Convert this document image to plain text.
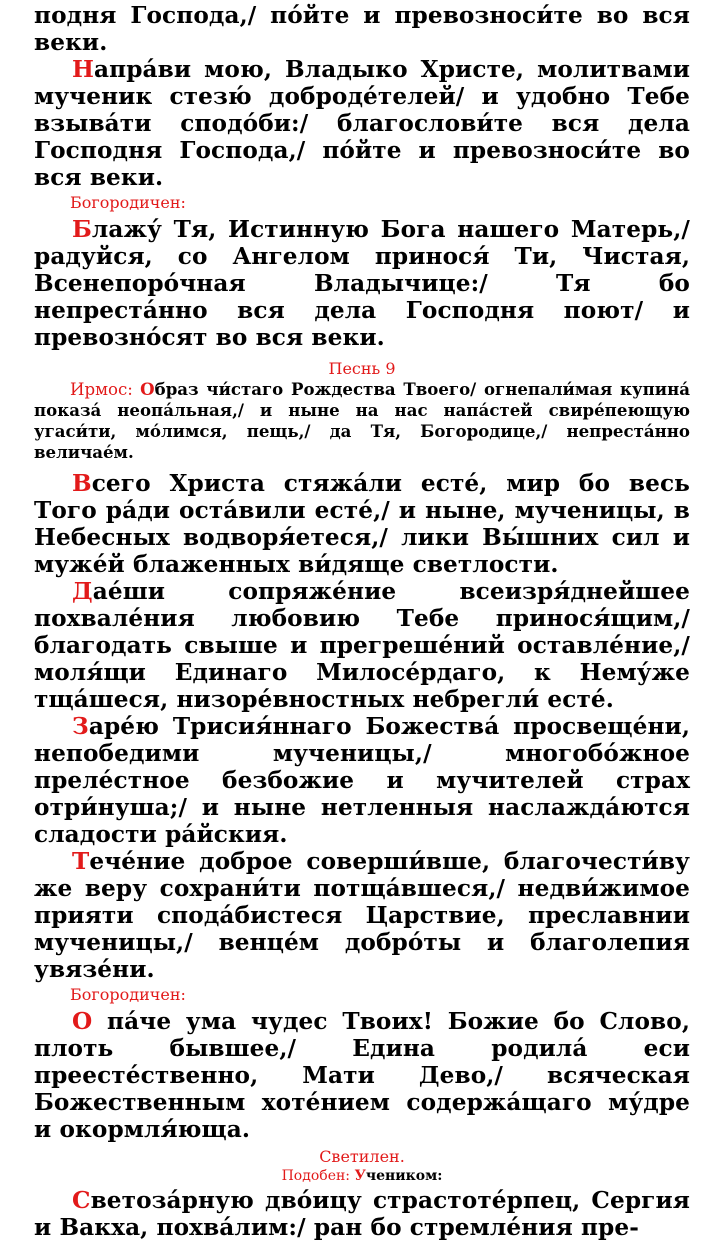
подня Господа,/ по́йте и превозноси́те во вся веки.

Напра́ви мою, Владыко Христе, молитвами мученик стезю́ доброде́телей/ и удобно Тебе взыва́ти сподо́би:/ благослови́те вся дела Господня Господа,/ по́йте и превозноси́те во вся веки.

Богородичен:

Блажу́ Тя, Истинную Бога нашего Матерь,/ радуйся, со Ангелом принося́ Ти, Чистая, Всенепоро́чная Владычице:/ Тя бо непреста́нно вся дела Господня поют/ и превозно́сят во вся веки.

Песнь 9

Ирмос: Образ чи́стаго Рождества Твоего/ огнепали́мая купина́ показа́ неопа́льная,/ и ныне на нас напа́стей свире́пеющую угаси́ти, мо́лимся, пещь,/ да Тя, Богородице,/ непреста́нно величае́м.

Всего Христа стяжа́ли есте́, мир бо весь Того ра́ди оста́вили есте́,/ и ныне, мученицы, в Небесных водворя́етеся,/ лики Вы́шних сил и муже́й блаженных ви́дяще светлости.

Дае́ши сопряже́ние всеизря́днейшее похвале́ния любовию Тебе принося́щим,/ благодать свыше и прегреше́ний оставле́ние,/ моля́щи Единаго Милосе́рдаго, к Нему́же тща́шеся, низоре́вностных небрегли́ есте́.

Заре́ю Трисия́ннаго Божества́ просвеще́ни, непобедими мученицы,/ многобо́жное преле́стное безбожие и мучителей страх отри́нуша;/ и ныне нетленныя наслажда́ются сладости ра́йския.

Тече́ние доброе соверши́вше, благочести́ву же веру сохрани́ти потща́вшеся,/ недви́жимое прияти спода́бистеся Царствие, преславнии мученицы,/ венце́м добро́ты и благолепия увязе́ни.

Богородичен:

О па́че ума чудес Твоих! Божие бо Слово, плоть бывшее,/ Едина родила́ еси преесте́ственно, Мати Дево,/ всяческая Божественным хоте́нием содержа́щаго му́дре и окормля́юща.

Светилен.
Подобен: Учеником:

Светоза́рную дво́ицу страстоте́рпец, Сергия и Вакха, похва́лим:/ ран бо стремле́ния пре-
